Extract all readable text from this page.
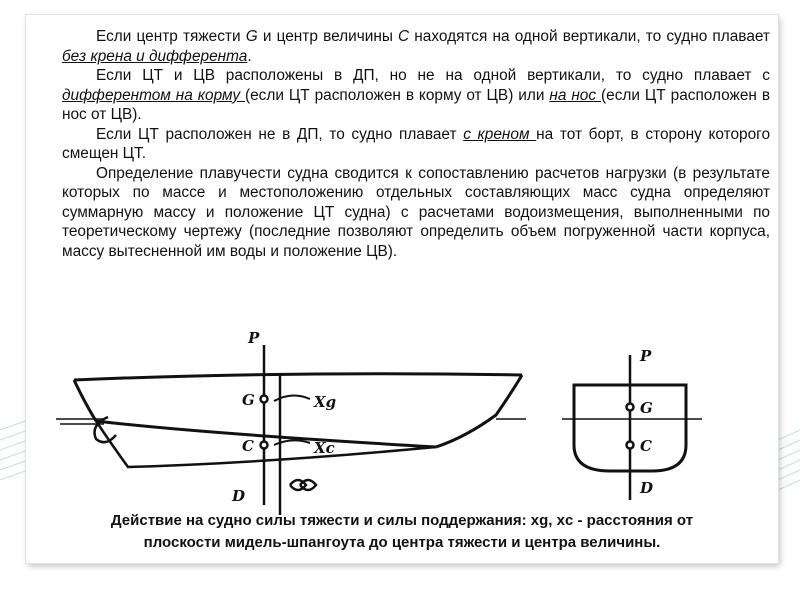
Если центр тяжести G и центр величины C находятся на одной вертикали, то судно плавает без крена и дифферента.

Если ЦТ и ЦВ расположены в ДП, но не на одной вертикали, то судно плавает с дифферентом на корму (если ЦТ расположен в корму от ЦВ) или на нос (если ЦТ расположен в нос от ЦВ).

Если ЦТ расположен не в ДП, то судно плавает с креном на тот борт, в сторону которого смещен ЦТ.

Определение плавучести судна сводится к сопоставлению расчетов нагрузки (в результате которых по массе и местоположению отдельных составляющих масс судна определяют суммарную массу и положение ЦТ судна) с расчетами водоизмещения, выполненными по теоретическому чертежу (последние позволяют определить объем погруженной части корпуса, массу вытесненной им воды и положение ЦВ).

P
G
C
D
Xg
Xc
P
G
C
D
Действие на судно силы тяжести и силы поддержания: xg, xc - расстояния от
плоскости мидель-шпангоута до центра тяжести и центра величины.
